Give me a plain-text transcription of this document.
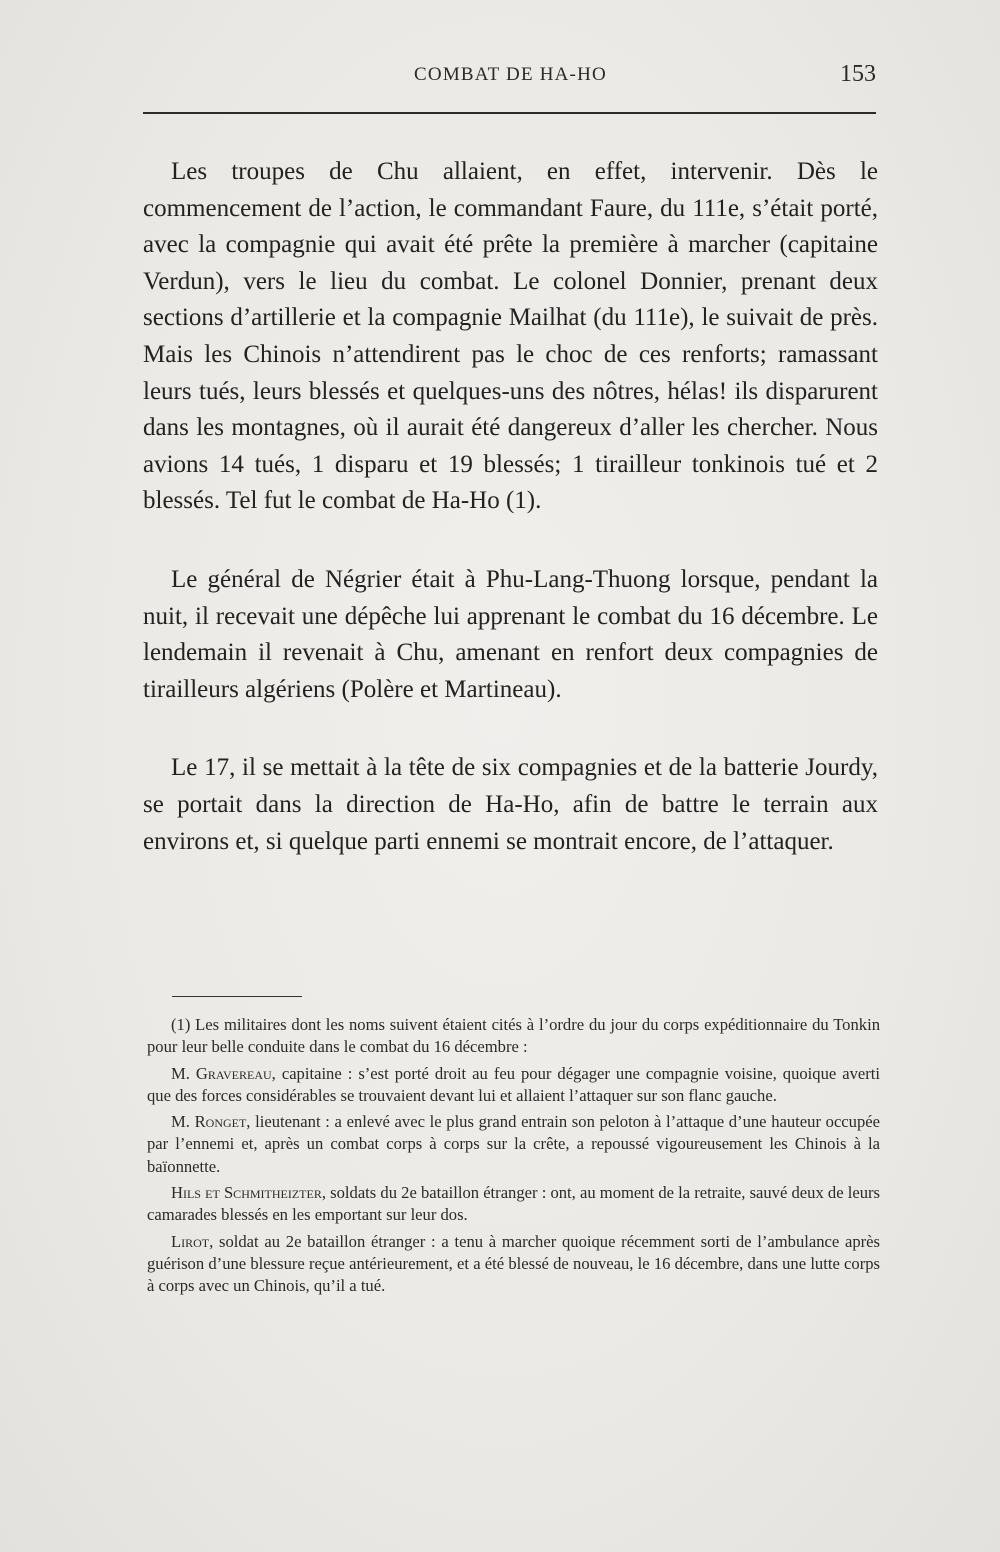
COMBAT DE HA-HO	153

Les troupes de Chu allaient, en effet, intervenir. Dès le commencement de l’action, le commandant Faure, du 111e, s’était porté, avec la compagnie qui avait été prête la première à marcher (capitaine Verdun), vers le lieu du combat. Le colonel Donnier, prenant deux sections d’artillerie et la compagnie Mailhat (du 111e), le suivait de près. Mais les Chinois n’attendirent pas le choc de ces renforts; ramassant leurs tués, leurs blessés et quelques-uns des nôtres, hélas! ils disparurent dans les montagnes, où il aurait été dangereux d’aller les chercher. Nous avions 14 tués, 1 disparu et 19 blessés; 1 tirailleur tonkinois tué et 2 blessés. Tel fut le combat de Ha-Ho (1).

Le général de Négrier était à Phu-Lang-Thuong lorsque, pendant la nuit, il recevait une dépêche lui apprenant le combat du 16 décembre. Le lendemain il revenait à Chu, amenant en renfort deux compagnies de tirailleurs algériens (Polère et Martineau).

Le 17, il se mettait à la tête de six compagnies et de la batterie Jourdy, se portait dans la direction de Ha-Ho, afin de battre le terrain aux environs et, si quelque parti ennemi se montrait encore, de l’attaquer.

(1) Les militaires dont les noms suivent étaient cités à l’ordre du jour du corps expéditionnaire du Tonkin pour leur belle conduite dans le combat du 16 décembre :

M. Gravereau, capitaine : s’est porté droit au feu pour dégager une compagnie voisine, quoique averti que des forces considérables se trouvaient devant lui et allaient l’attaquer sur son flanc gauche.

M. Ronget, lieutenant : a enlevé avec le plus grand entrain son peloton à l’attaque d’une hauteur occupée par l’ennemi et, après un combat corps à corps sur la crête, a repoussé vigoureusement les Chinois à la baïonnette.

Hils et Schmitheizter, soldats du 2e bataillon étranger : ont, au moment de la retraite, sauvé deux de leurs camarades blessés en les emportant sur leur dos.

Lirot, soldat au 2e bataillon étranger : a tenu à marcher quoique récemment sorti de l’ambulance après guérison d’une blessure reçue antérieurement, et a été blessé de nouveau, le 16 décembre, dans une lutte corps à corps avec un Chinois, qu’il a tué.
